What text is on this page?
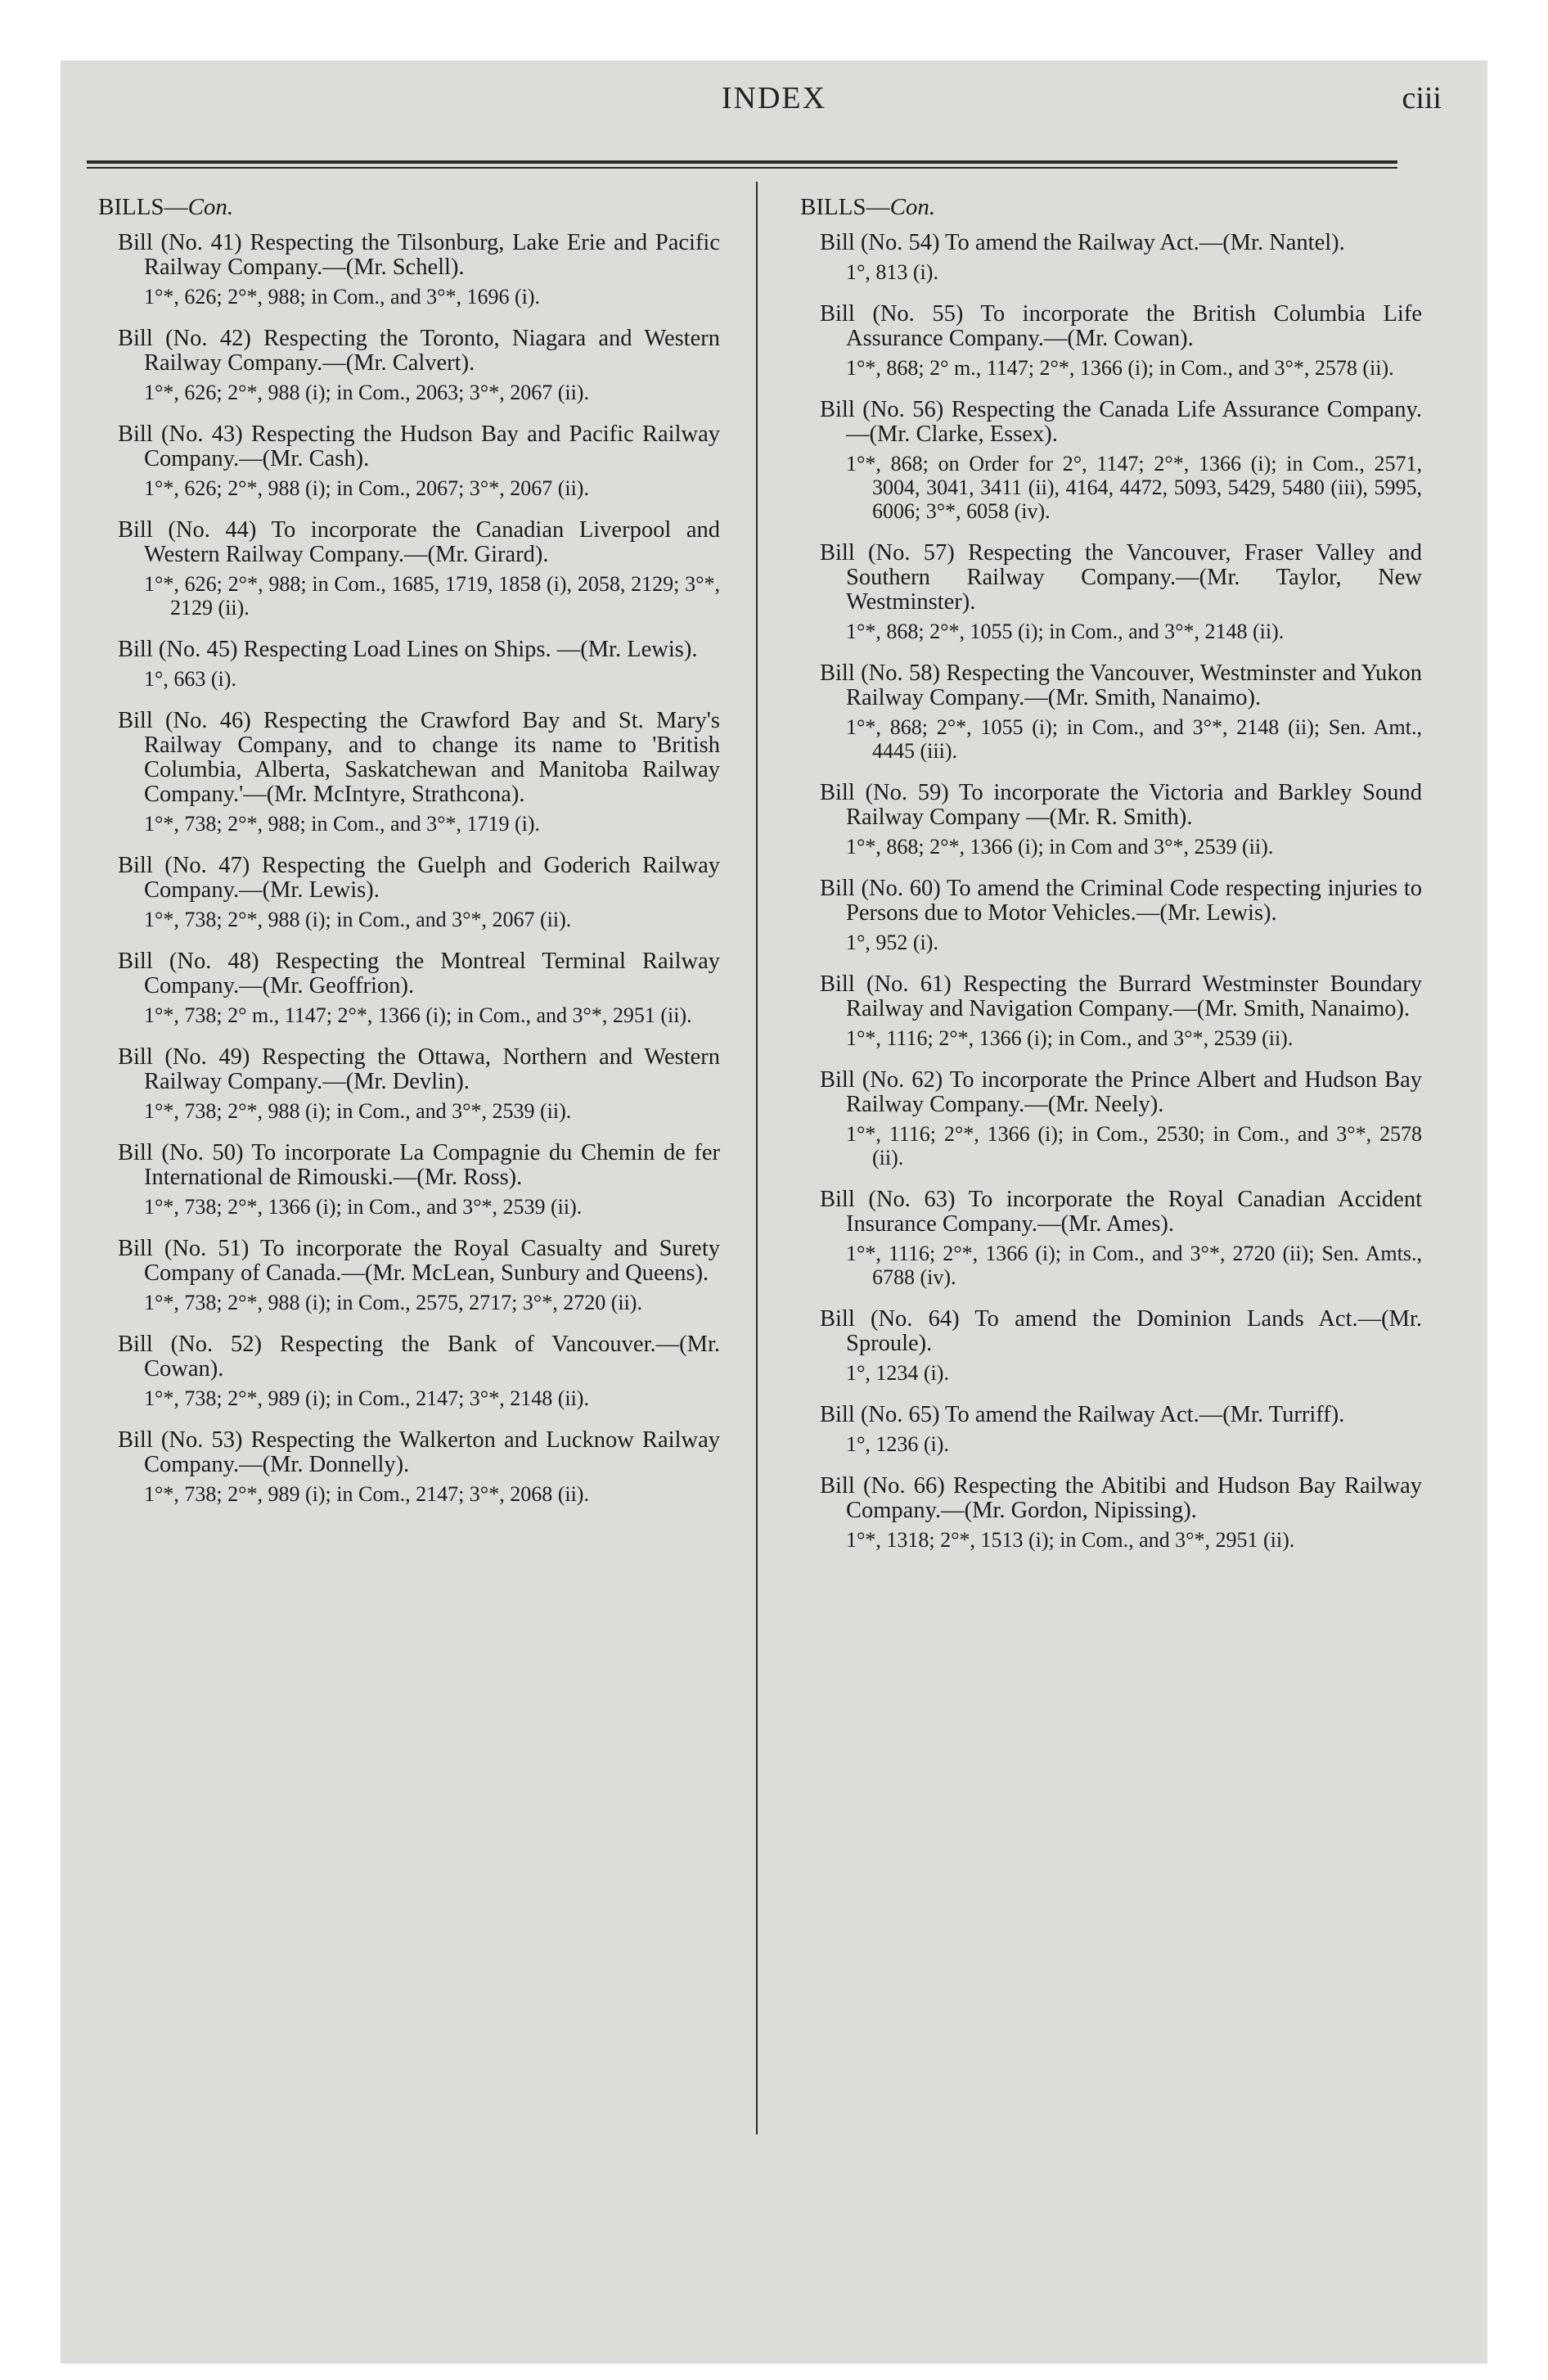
INDEX	ciii
BILLS—Con.
Bill (No. 41) Respecting the Tilsonburg, Lake Erie and Pacific Railway Company.—(Mr. Schell).
1°*, 626; 2°*, 988; in Com., and 3°*, 1696 (i).
Bill (No. 42) Respecting the Toronto, Niagara and Western Railway Company.—(Mr. Calvert).
1°*, 626; 2°*, 988 (i); in Com., 2063; 3°*, 2067 (ii).
Bill (No. 43) Respecting the Hudson Bay and Pacific Railway Company.—(Mr. Cash).
1°*, 626; 2°*, 988 (i); in Com., 2067; 3°*, 2067 (ii).
Bill (No. 44) To incorporate the Canadian Liverpool and Western Railway Company.—(Mr. Girard).
1°*, 626; 2°*, 988; in Com., 1685, 1719, 1858 (i), 2058, 2129; 3°*, 2129 (ii).
Bill (No. 45) Respecting Load Lines on Ships. —(Mr. Lewis).
1°, 663 (i).
Bill (No. 46) Respecting the Crawford Bay and St. Mary's Railway Company, and to change its name to 'British Columbia, Alberta, Saskatchewan and Manitoba Railway Company.'—(Mr. McIntyre, Strathcona).
1°*, 738; 2°*, 988; in Com., and 3°*, 1719 (i).
Bill (No. 47) Respecting the Guelph and Goderich Railway Company.—(Mr. Lewis).
1°*, 738; 2°*, 988 (i); in Com., and 3°*, 2067 (ii).
Bill (No. 48) Respecting the Montreal Terminal Railway Company.—(Mr. Geoffrion).
1°*, 738; 2° m., 1147; 2°*, 1366 (i); in Com., and 3°*, 2951 (ii).
Bill (No. 49) Respecting the Ottawa, Northern and Western Railway Company.—(Mr. Devlin).
1°*, 738; 2°*, 988 (i); in Com., and 3°*, 2539 (ii).
Bill (No. 50) To incorporate La Compagnie du Chemin de fer International de Rimouski.—(Mr. Ross).
1°*, 738; 2°*, 1366 (i); in Com., and 3°*, 2539 (ii).
Bill (No. 51) To incorporate the Royal Casualty and Surety Company of Canada.—(Mr. McLean, Sunbury and Queens).
1°*, 738; 2°*, 988 (i); in Com., 2575, 2717; 3°*, 2720 (ii).
Bill (No. 52) Respecting the Bank of Vancouver.—(Mr. Cowan).
1°*, 738; 2°*, 989 (i); in Com., 2147; 3°*, 2148 (ii).
Bill (No. 53) Respecting the Walkerton and Lucknow Railway Company.—(Mr. Donnelly).
1°*, 738; 2°*, 989 (i); in Com., 2147; 3°*, 2068 (ii).
BILLS—Con.
Bill (No. 54) To amend the Railway Act.—(Mr. Nantel).
1°, 813 (i).
Bill (No. 55) To incorporate the British Columbia Life Assurance Company.—(Mr. Cowan).
1°*, 868; 2° m., 1147; 2°*, 1366 (i); in Com., and 3°*, 2578 (ii).
Bill (No. 56) Respecting the Canada Life Assurance Company.—(Mr. Clarke, Essex).
1°*, 868; on Order for 2°, 1147; 2°*, 1366 (i); in Com., 2571, 3004, 3041, 3411 (ii), 4164, 4472, 5093, 5429, 5480 (iii), 5995, 6006; 3°*, 6058 (iv).
Bill (No. 57) Respecting the Vancouver, Fraser Valley and Southern Railway Company.—(Mr. Taylor, New Westminster).
1°*, 868; 2°*, 1055 (i); in Com., and 3°*, 2148 (ii).
Bill (No. 58) Respecting the Vancouver, Westminster and Yukon Railway Company.—(Mr. Smith, Nanaimo).
1°*, 868; 2°*, 1055 (i); in Com., and 3°*, 2148 (ii); Sen. Amt., 4445 (iii).
Bill (No. 59) To incorporate the Victoria and Barkley Sound Railway Company —(Mr. R. Smith).
1°*, 868; 2°*, 1366 (i); in Com and 3°*, 2539 (ii).
Bill (No. 60) To amend the Criminal Code respecting injuries to Persons due to Motor Vehicles.—(Mr. Lewis).
1°, 952 (i).
Bill (No. 61) Respecting the Burrard Westminster Boundary Railway and Navigation Company.—(Mr. Smith, Nanaimo).
1°*, 1116; 2°*, 1366 (i); in Com., and 3°*, 2539 (ii).
Bill (No. 62) To incorporate the Prince Albert and Hudson Bay Railway Company.—(Mr. Neely).
1°*, 1116; 2°*, 1366 (i); in Com., 2530; in Com., and 3°*, 2578 (ii).
Bill (No. 63) To incorporate the Royal Canadian Accident Insurance Company.—(Mr. Ames).
1°*, 1116; 2°*, 1366 (i); in Com., and 3°*, 2720 (ii); Sen. Amts., 6788 (iv).
Bill (No. 64) To amend the Dominion Lands Act.—(Mr. Sproule).
1°, 1234 (i).
Bill (No. 65) To amend the Railway Act.—(Mr. Turriff).
1°, 1236 (i).
Bill (No. 66) Respecting the Abitibi and Hudson Bay Railway Company.—(Mr. Gordon, Nipissing).
1°*, 1318; 2°*, 1513 (i); in Com., and 3°*, 2951 (ii).
